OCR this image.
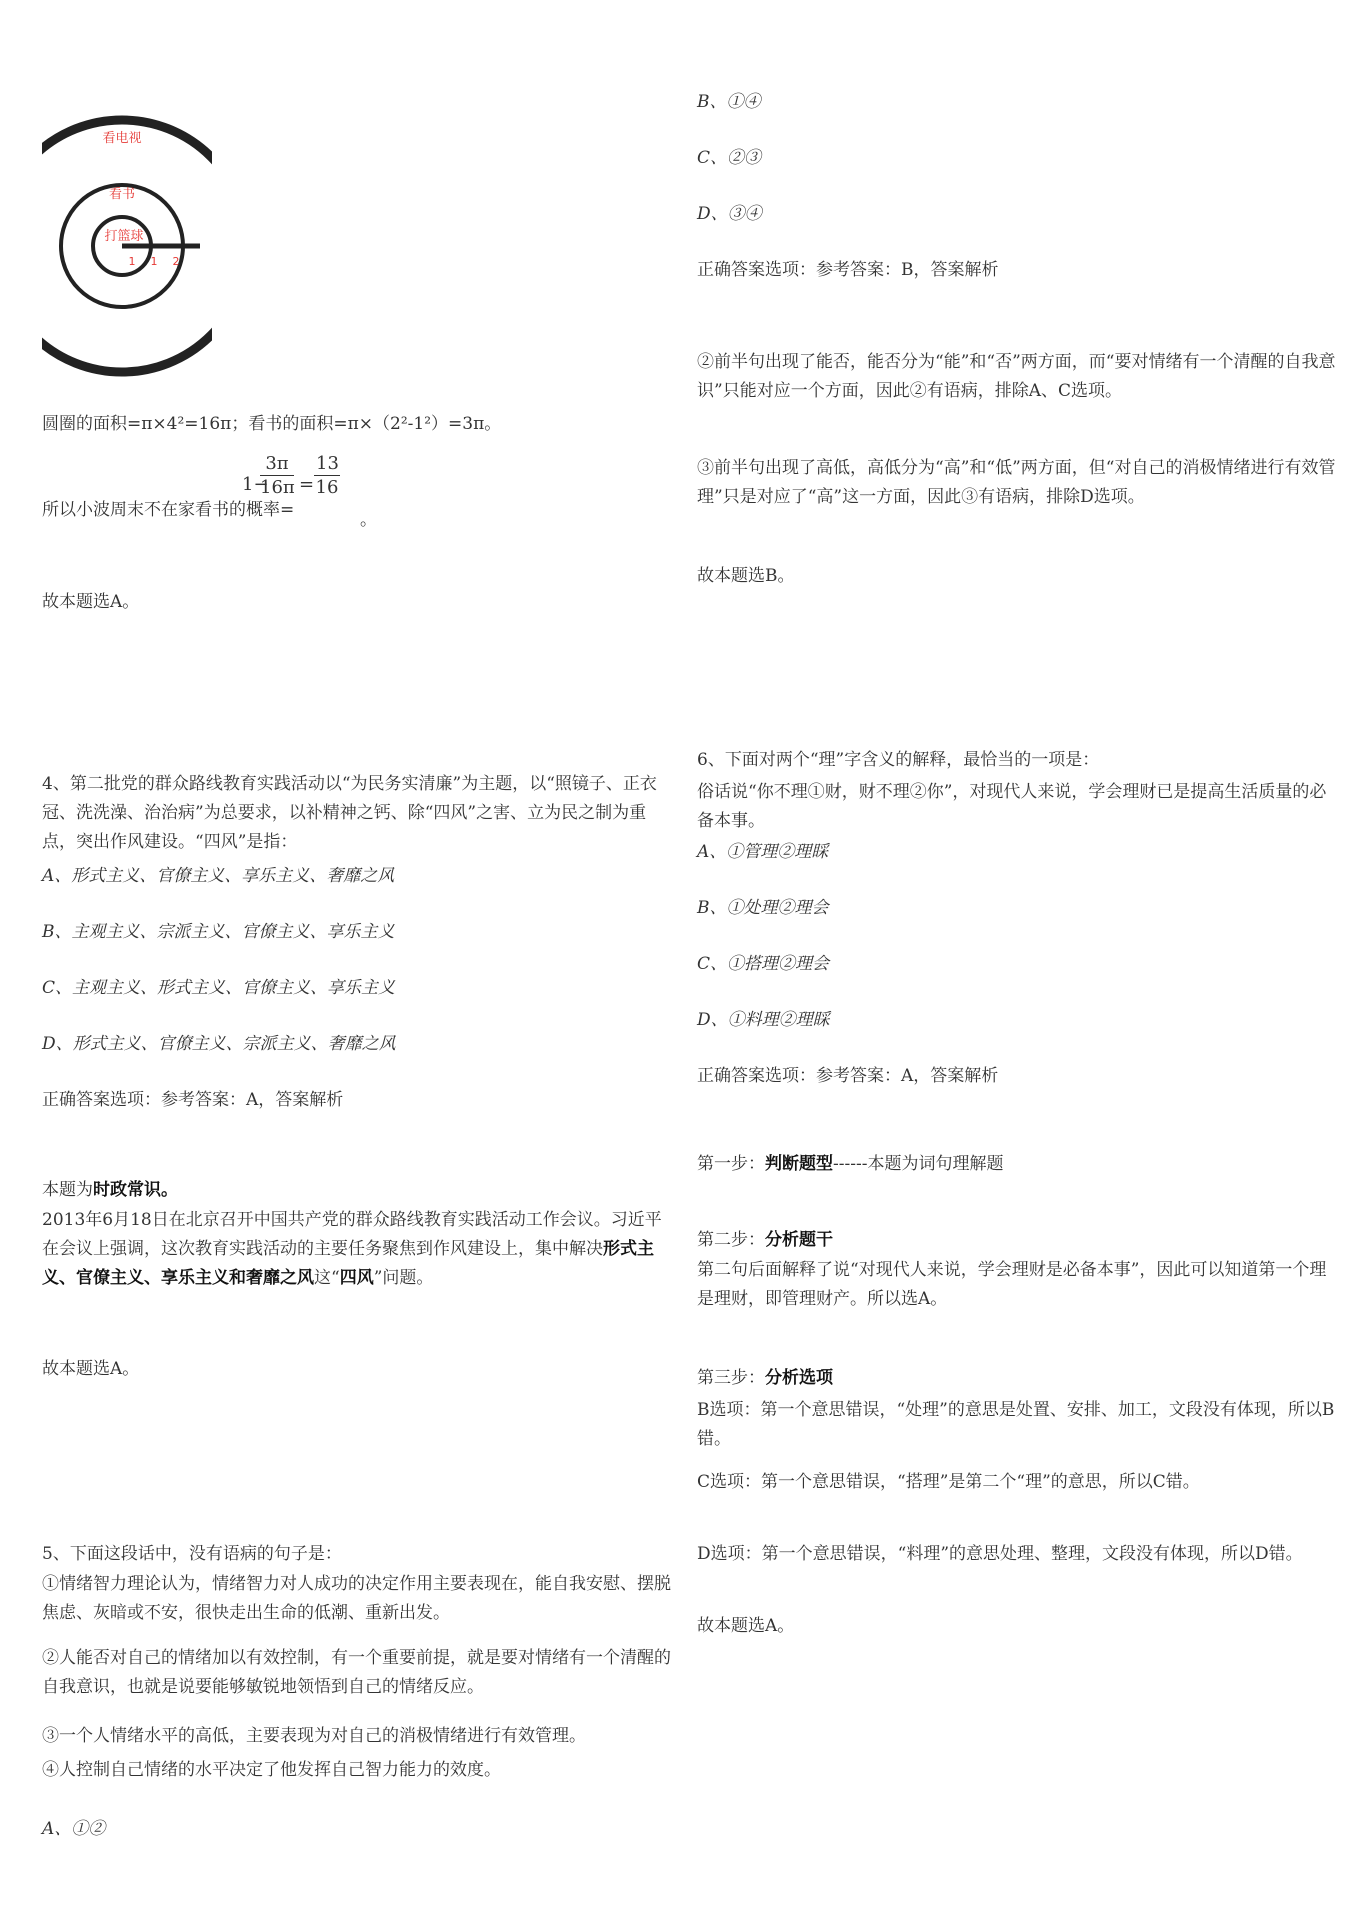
看电视
看书
打篮球
1 1 2

圆圈的面积=π×4²=16π；看书的面积=π×（2²-1²）=3π。

所以小波周末不在家看书的概率=
1−
$\frac{3\pi}{16\pi} = \frac{13}{16}$
。

故本题选A。

4、第二批党的群众路线教育实践活动以“为民务实清廉”为主题，以“照镜子、正衣冠、洗洗澡、治治病”为总要求，以补精神之钙、除“四风”之害、立为民之制为重点，突出作风建设。“四风”是指：

A、形式主义、官僚主义、享乐主义、奢靡之风

B、主观主义、宗派主义、官僚主义、享乐主义

C、主观主义、形式主义、官僚主义、享乐主义

D、形式主义、官僚主义、宗派主义、奢靡之风

正确答案选项：参考答案：A，答案解析

本题为时政常识。

2013年6月18日在北京召开中国共产党的群众路线教育实践活动工作会议。习近平在会议上强调，这次教育实践活动的主要任务聚焦到作风建设上，集中解决形式主义、官僚主义、享乐主义和奢靡之风这“四风”问题。

故本题选A。

5、下面这段话中，没有语病的句子是：

①情绪智力理论认为，情绪智力对人成功的决定作用主要表现在，能自我安慰、摆脱焦虑、灰暗或不安，很快走出生命的低潮、重新出发。

②人能否对自己的情绪加以有效控制，有一个重要前提，就是要对情绪有一个清醒的自我意识，也就是说要能够敏锐地领悟到自己的情绪反应。

③一个人情绪水平的高低，主要表现为对自己的消极情绪进行有效管理。

④人控制自己情绪的水平决定了他发挥自己智力能力的效度。

A、①②

B、①④

C、②③

D、③④

正确答案选项：参考答案：B，答案解析

②前半句出现了能否，能否分为“能”和“否”两方面，而“要对情绪有一个清醒的自我意识”只能对应一个方面，因此②有语病，排除A、C选项。

③前半句出现了高低，高低分为“高”和“低”两方面，但“对自己的消极情绪进行有效管理”只是对应了“高”这一方面，因此③有语病，排除D选项。

故本题选B。

6、下面对两个“理”字含义的解释，最恰当的一项是：

俗话说“你不理①财，财不理②你”，对现代人来说，学会理财已是提高生活质量的必备本事。

A、①管理②理睬

B、①处理②理会

C、①搭理②理会

D、①料理②理睬

正确答案选项：参考答案：A，答案解析

第一步：判断题型------本题为词句理解题

第二步：分析题干

第二句后面解释了说“对现代人来说，学会理财是必备本事”，因此可以知道第一个理是理财，即管理财产。所以选A。

第三步：分析选项

B选项：第一个意思错误，“处理”的意思是处置、安排、加工，文段没有体现，所以B错。

C选项：第一个意思错误，“搭理”是第二个“理”的意思，所以C错。

D选项：第一个意思错误，“料理”的意思处理、整理，文段没有体现，所以D错。

故本题选A。
